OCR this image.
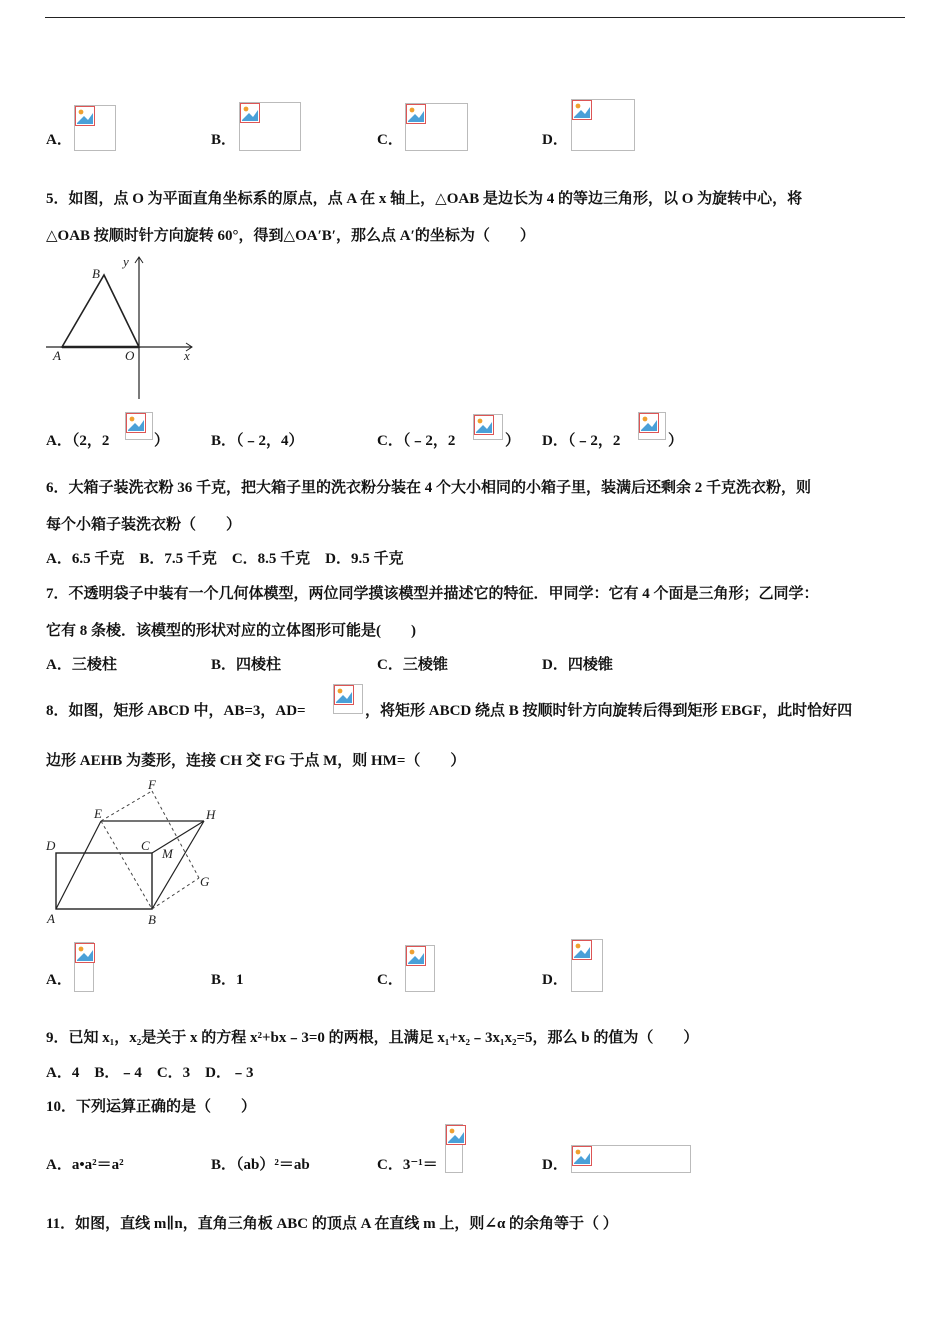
A．	B．	C．	D．
5．如图，点 O 为平面直角坐标系的原点，点 A 在 x 轴上，△OAB 是边长为 4 的等边三角形，以 O 为旋转中心，将
△OAB 按顺时针方向旋转 60°，得到△OA′B′，那么点 A′的坐标为（　　）
B
y
A	O	x
A．（2，2	）	B．（﹣2，4）	C．（﹣2，2	） D．（﹣2，2	）
6．大箱子装洗衣粉 36 千克，把大箱子里的洗衣粉分装在 4 个大小相同的小箱子里，装满后还剩余 2 千克洗衣粉，则
每个小箱子装洗衣粉（　　）
A．6.5 千克　B．7.5 千克　C．8.5 千克　D．9.5 千克
7．不透明袋子中装有一个几何体模型，两位同学摸该模型并描述它的特征．甲同学：它有 4 个面是三角形；乙同学：
它有 8 条棱．该模型的形状对应的立体图形可能是(　　)
A．三棱柱	B．四棱柱	C．三棱锥	D．四棱锥
8．如图，矩形 ABCD 中，AB=3，AD=	，将矩形 ABCD 绕点 B 按顺时针方向旋转后得到矩形 EBGF，此时恰好四
边形 AEHB 为菱形，连接 CH 交 FG 于点 M，则 HM=（　　）
F
E	H
D	C
M
G
A	B
A．	B．1	C．	D．
9．已知 x₁，x₂是关于 x 的方程 x²+bx﹣3=0 的两根，且满足 x₁+x₂﹣3x₁x₂=5，那么 b 的值为（　　）
A．4　B．﹣4　C．3　D．﹣3
10．下列运算正确的是（　　）
A．a•a²＝a²	B．（ab）²＝ab	C．3⁻¹＝	D．
11．如图，直线 m∥n，直角三角板 ABC 的顶点 A 在直线 m 上，则∠α 的余角等于（ ）
